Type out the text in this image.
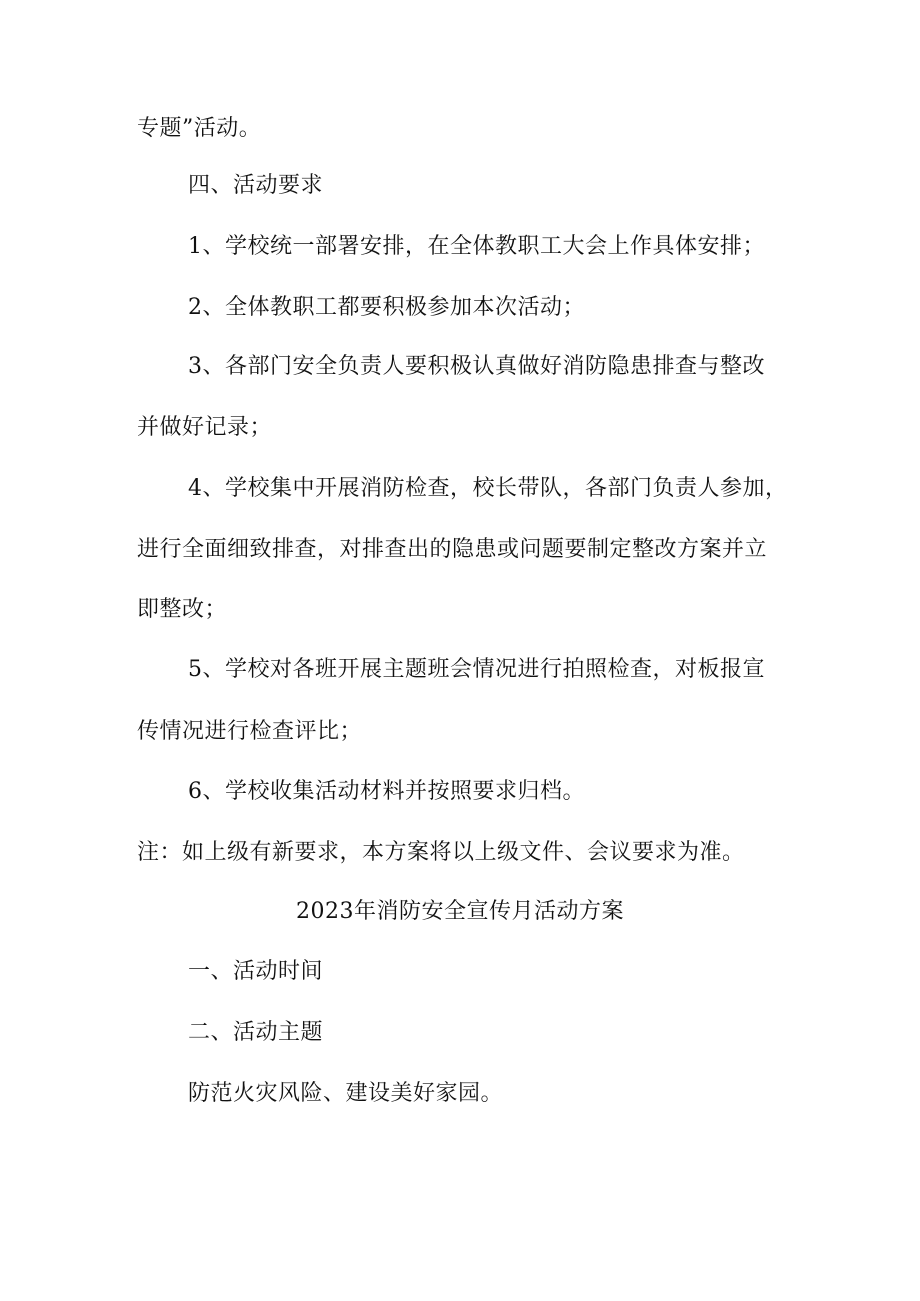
专题”活动。
四、活动要求
1、学校统一部署安排，在全体教职工大会上作具体安排；
2、全体教职工都要积极参加本次活动；
3、各部门安全负责人要积极认真做好消防隐患排查与整改
并做好记录；
4、学校集中开展消防检查，校长带队，各部门负责人参加，
进行全面细致排查，对排查出的隐患或问题要制定整改方案并立
即整改；
5、学校对各班开展主题班会情况进行拍照检查，对板报宣
传情况进行检查评比；
6、学校收集活动材料并按照要求归档。
注：如上级有新要求，本方案将以上级文件、会议要求为准。
2023年消防安全宣传月活动方案
一、活动时间
二、活动主题
防范火灾风险、建设美好家园。
